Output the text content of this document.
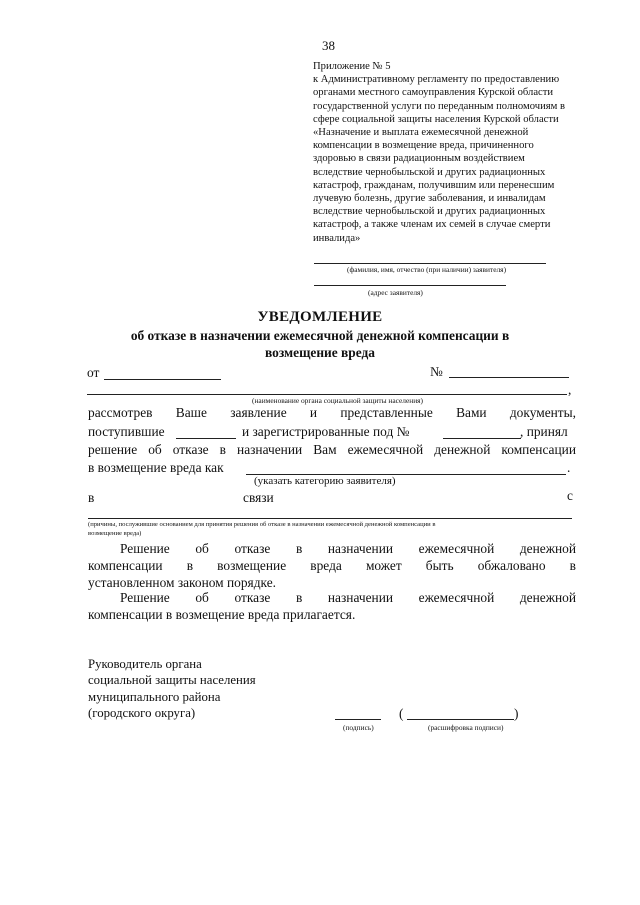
38
Приложение № 5
к Административному регламенту по предоставлению
органами местного самоуправления Курской области
государственной услуги по переданным полномочиям в
сфере социальной защиты населения Курской области
«Назначение и выплата ежемесячной денежной
компенсации в возмещение вреда, причиненного
здоровью в связи радиационным воздействием
вследствие чернобыльской и других радиационных
катастроф, гражданам, получившим или перенесшим
лучевую болезнь, другие заболевания, и инвалидам
вследствие чернобыльской и других радиационных
катастроф, а также членам их семей в случае смерти
инвалида»
(фамилия, имя, отчество (при наличии) заявителя)
(адрес заявителя)
УВЕДОМЛЕНИЕ
об отказе в назначении ежемесячной денежной компенсации в
возмещение вреда
от	№
,
(наименование органа социальной защиты населения)
рассмотрев Ваше заявление и представленные Вами документы,
поступившие	и зарегистрированные под №	, принял
решение об отказе в назначении Вам ежемесячной денежной компенсации
в возмещение вреда как	.
(указать категорию заявителя)
в	связи	с
(причины, послужившие основанием для принятия решения об отказе в назначении ежемесячной денежной компенсации в
возмещение вреда)
Решение об отказе в назначении ежемесячной денежной
компенсации в возмещение вреда может быть обжаловано в
установленном законом порядке.
Решение об отказе в назначении ежемесячной денежной
компенсации в возмещение вреда прилагается.
Руководитель органа
социальной защиты населения
муниципального района
(городского округа)
(подпись)
(	)
(расшифровка подписи)
